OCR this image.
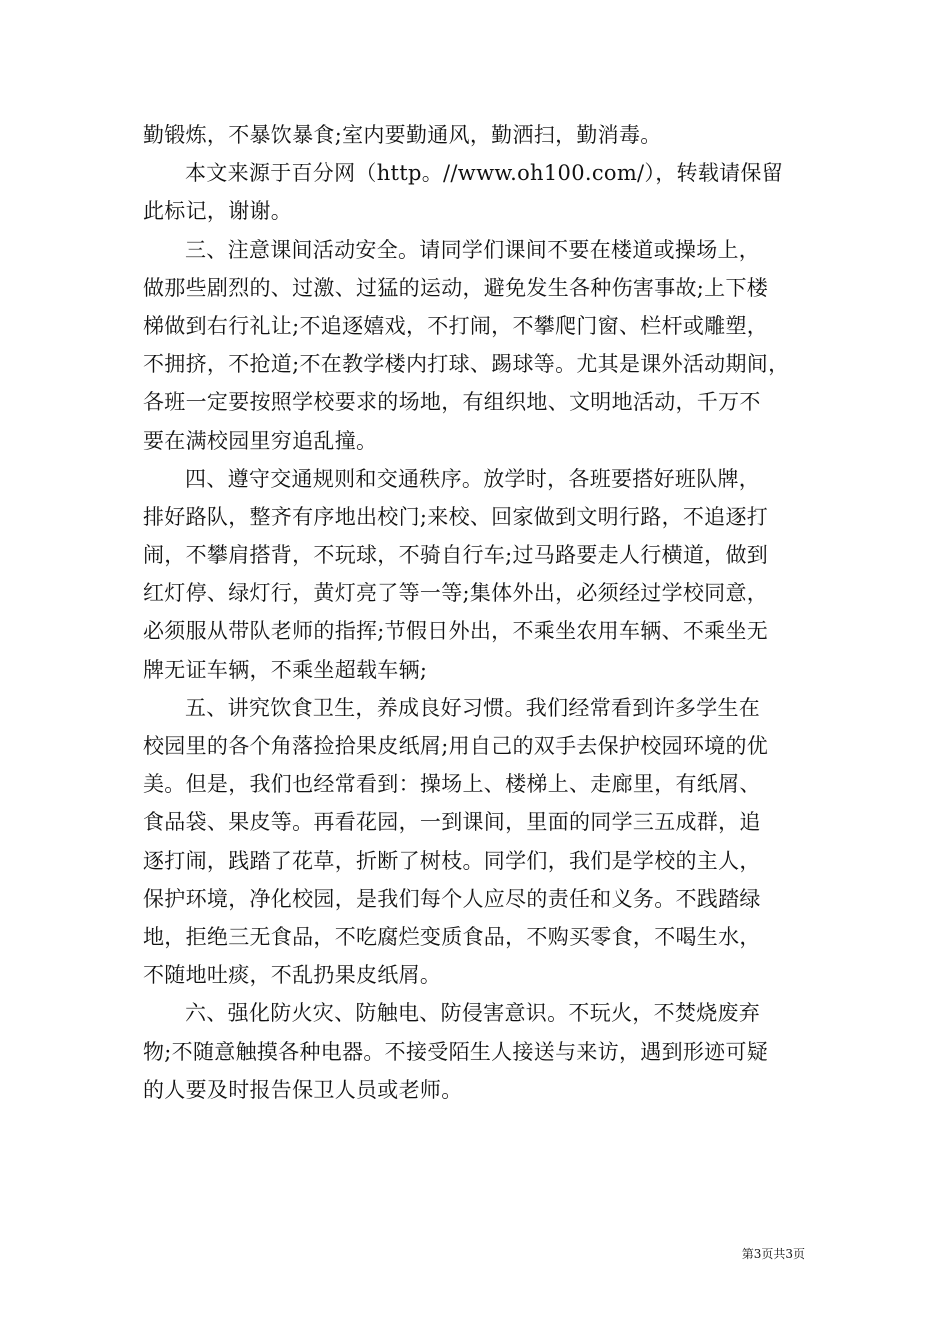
勤锻炼，不暴饮暴食;室内要勤通风，勤洒扫，勤消毒。
本文来源于百分网（http。//www.oh100.com/），转载请保留
此标记，谢谢。
三、注意课间活动安全。请同学们课间不要在楼道或操场上，
做那些剧烈的、过激、过猛的运动，避免发生各种伤害事故;上下楼
梯做到右行礼让;不追逐嬉戏，不打闹，不攀爬门窗、栏杆或雕塑，
不拥挤，不抢道;不在教学楼内打球、踢球等。尤其是课外活动期间，
各班一定要按照学校要求的场地，有组织地、文明地活动，千万不
要在满校园里穷追乱撞。
四、遵守交通规则和交通秩序。放学时，各班要搭好班队牌，
排好路队，整齐有序地出校门;来校、回家做到文明行路，不追逐打
闹，不攀肩搭背，不玩球，不骑自行车;过马路要走人行横道，做到
红灯停、绿灯行，黄灯亮了等一等;集体外出，必须经过学校同意，
必须服从带队老师的指挥;节假日外出，不乘坐农用车辆、不乘坐无
牌无证车辆，不乘坐超载车辆;
五、讲究饮食卫生，养成良好习惯。我们经常看到许多学生在
校园里的各个角落捡拾果皮纸屑;用自己的双手去保护校园环境的优
美。但是，我们也经常看到：操场上、楼梯上、走廊里，有纸屑、
食品袋、果皮等。再看花园，一到课间，里面的同学三五成群，追
逐打闹，践踏了花草，折断了树枝。同学们，我们是学校的主人，
保护环境，净化校园，是我们每个人应尽的责任和义务。不践踏绿
地，拒绝三无食品，不吃腐烂变质食品，不购买零食，不喝生水，
不随地吐痰，不乱扔果皮纸屑。
六、强化防火灾、防触电、防侵害意识。不玩火，不焚烧废弃
物;不随意触摸各种电器。不接受陌生人接送与来访，遇到形迹可疑
的人要及时报告保卫人员或老师。
第3页共3页
